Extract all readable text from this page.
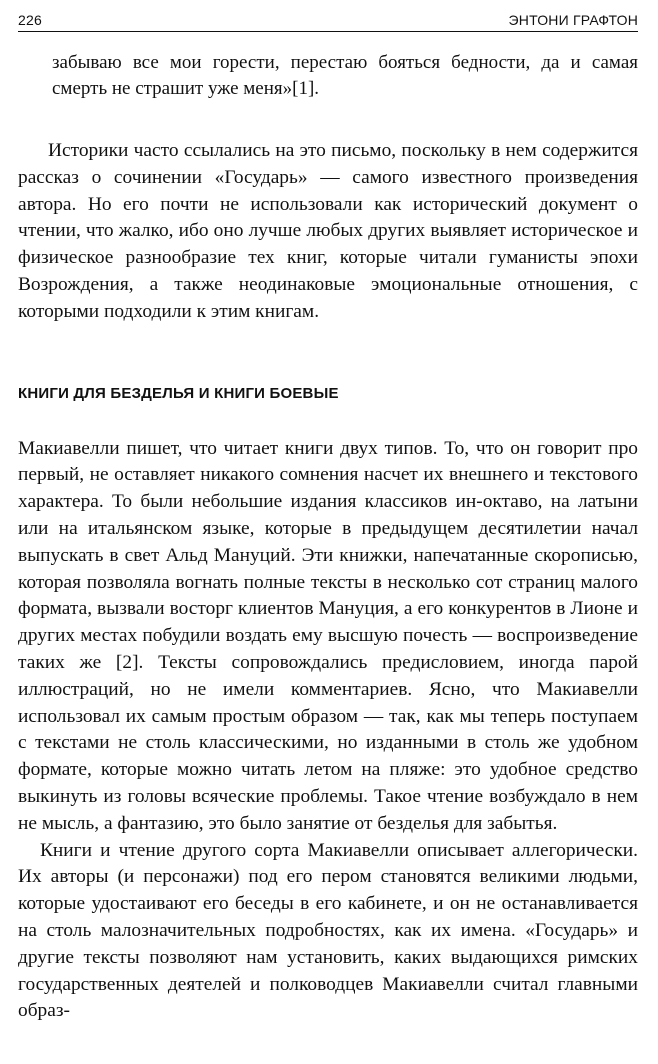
226	ЭНТОНИ ГРАФТОН

забываю все мои горести, перестаю бояться бедности, да и самая смерть не страшит уже меня»[1].

Историки часто ссылались на это письмо, поскольку в нем содержится рассказ о сочинении «Государь» — самого известного произведения автора. Но его почти не использовали как исторический документ о чтении, что жалко, ибо оно лучше любых других выявляет историческое и физическое разнообразие тех книг, которые читали гуманисты эпохи Возрождения, а также неодинаковые эмоциональные отношения, с которыми подходили к этим книгам.

КНИГИ ДЛЯ БЕЗДЕЛЬЯ И КНИГИ БОЕВЫЕ

Макиавелли пишет, что читает книги двух типов. То, что он говорит про первый, не оставляет никакого сомнения насчет их внешнего и текстового характера. То были небольшие издания классиков ин-октаво, на латыни или на итальянском языке, которые в предыдущем десятилетии начал выпускать в свет Альд Мануций. Эти книжки, напечатанные скорописью, которая позволяла вогнать полные тексты в несколько сот страниц малого формата, вызвали восторг клиентов Мануция, а его конкурентов в Лионе и других местах побудили воздать ему высшую почесть — воспроизведение таких же [2]. Тексты сопровождались предисловием, иногда парой иллюстраций, но не имели комментариев. Ясно, что Макиавелли использовал их самым простым образом — так, как мы теперь поступаем с текстами не столь классическими, но изданными в столь же удобном формате, которые можно читать летом на пляже: это удобное средство выкинуть из головы всяческие проблемы. Такое чтение возбуждало в нем не мысль, а фантазию, это было занятие от безделья для забытья.

Книги и чтение другого сорта Макиавелли описывает аллегорически. Их авторы (и персонажи) под его пером становятся великими людьми, которые удостаивают его беседы в его кабинете, и он не останавливается на столь малозначительных подробностях, как их имена. «Государь» и другие тексты позволяют нам установить, каких выдающихся римских государственных деятелей и полководцев Макиавелли считал главными образ-
